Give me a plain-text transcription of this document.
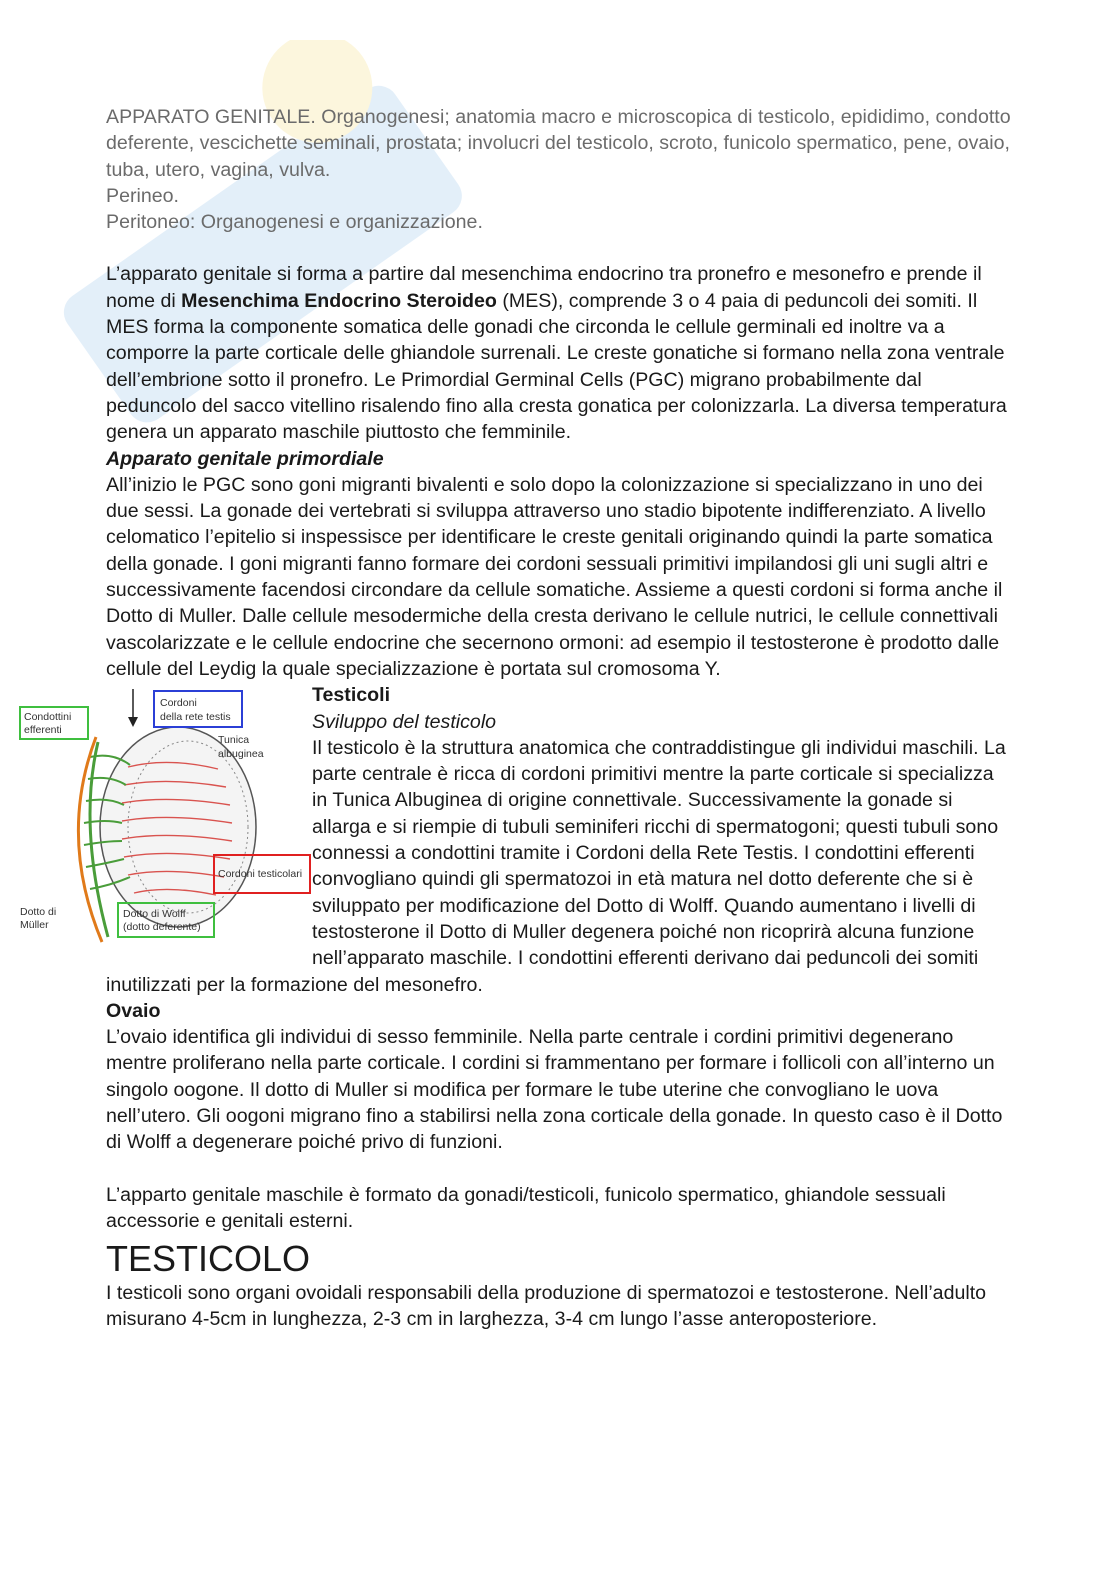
APPARATO GENITALE. Organogenesi; anatomia macro e microscopica di testicolo, epididimo, condotto deferente, vescichette seminali, prostata; involucri del testicolo, scroto, funicolo spermatico, pene, ovaio, tuba, utero, vagina, vulva.

Perineo.

Peritoneo: Organogenesi e organizzazione.

L’apparato genitale si forma a partire dal mesenchima endocrino tra pronefro e mesonefro e prende il nome di Mesenchima Endocrino Steroideo (MES), comprende 3 o 4 paia di peduncoli dei somiti. Il MES forma la componente somatica delle gonadi che circonda le cellule germinali ed inoltre va a comporre la parte corticale delle ghiandole surrenali. Le creste gonatiche si formano nella zona ventrale dell’embrione sotto il pronefro. Le Primordial Germinal Cells (PGC) migrano probabilmente dal peduncolo del sacco vitellino risalendo fino alla cresta gonatica per colonizzarla. La diversa temperatura genera un apparato maschile piuttosto che femminile.

Apparato genitale primordiale

All’inizio le PGC sono goni migranti bivalenti e solo dopo la colonizzazione si specializzano in uno dei due sessi. La gonade dei vertebrati si sviluppa attraverso uno stadio bipotente indifferenziato. A livello celomatico l’epitelio si inspessisce per identificare le creste genitali originando quindi la parte somatica della gonade. I goni migranti fanno formare dei cordoni sessuali primitivi impilandosi gli uni sugli altri e successivamente facendosi circondare da cellule somatiche. Assieme a questi cordoni si forma anche il Dotto di Muller. Dalle cellule mesodermiche della cresta derivano le cellule nutrici, le cellule connettivali vascolarizzate e le cellule endocrine che secernono ormoni: ad esempio il testosterone è prodotto dalle cellule del Leydig la quale specializzazione è portata sul cromosoma Y.

Condottini
efferenti
Cordoni
della rete testis
Tunica
albuginea
Cordoni testicolari
Dotto di
Müller
Dotto di Wolff
(dotto deferente)

Testicoli

Sviluppo del testicolo

Il testicolo è la struttura anatomica che contraddistingue gli individui maschili. La parte centrale è ricca di cordoni primitivi mentre la parte corticale si specializza in Tunica Albuginea di origine connettivale. Successivamente la gonade si allarga e si riempie di tubuli seminiferi ricchi di spermatogoni; questi tubuli sono connessi a condottini tramite i Cordoni della Rete Testis. I condottini efferenti convogliano quindi gli spermatozoi in età matura nel dotto deferente che si è sviluppato per modificazione del Dotto di Wolff. Quando aumentano i livelli di testosterone il Dotto di Muller degenera poiché non ricoprirà alcuna funzione nell’apparato maschile. I condottini efferenti derivano dai peduncoli dei somiti inutilizzati per la formazione del mesonefro.

Ovaio

L’ovaio identifica gli individui di sesso femminile. Nella parte centrale i cordini primitivi degenerano mentre proliferano nella parte corticale. I cordini si frammentano per formare i follicoli con all’interno un singolo oogone. Il dotto di Muller si modifica per formare le tube uterine che convogliano le uova nell’utero. Gli oogoni migrano fino a stabilirsi nella zona corticale della gonade. In questo caso è il Dotto di Wolff a degenerare poiché privo di funzioni.

L’apparto genitale maschile è formato da gonadi/testicoli, funicolo spermatico, ghiandole sessuali accessorie e genitali esterni.

TESTICOLO

I testicoli sono organi ovoidali responsabili della produzione di spermatozoi e testosterone. Nell’adulto misurano 4-5cm in lunghezza, 2-3 cm in larghezza, 3-4 cm lungo l’asse anteroposteriore.
